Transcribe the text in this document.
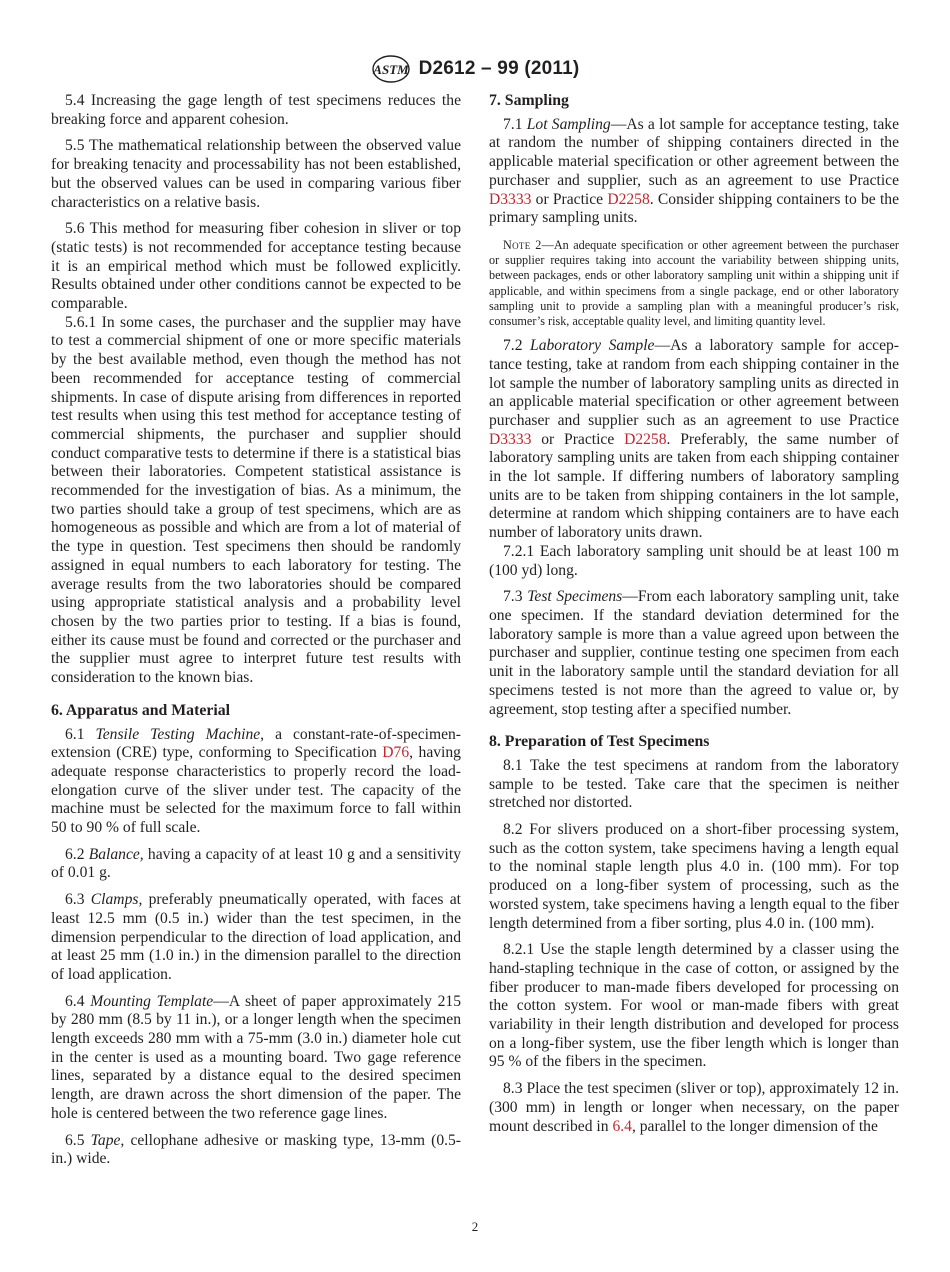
ASTM D2612 – 99 (2011)

5.4 Increasing the gage length of test specimens reduces the breaking force and apparent cohesion.

5.5 The mathematical relationship between the observed value for breaking tenacity and processability has not been established, but the observed values can be used in comparing various fiber characteristics on a relative basis.

5.6 This method for measuring fiber cohesion in sliver or top (static tests) is not recommended for acceptance testing because it is an empirical method which must be followed explicitly. Results obtained under other conditions cannot be expected to be comparable.

5.6.1 In some cases, the purchaser and the supplier may have to test a commercial shipment of one or more specific materials by the best available method, even though the method has not been recommended for acceptance testing of commercial shipments. In case of dispute arising from differences in reported test results when using this test method for acceptance testing of commercial shipments, the purchaser and supplier should conduct comparative tests to determine if there is a statistical bias between their laboratories. Competent statistical assistance is recommended for the investigation of bias. As a minimum, the two parties should take a group of test specimens, which are as homogeneous as possible and which are from a lot of material of the type in question. Test specimens then should be randomly assigned in equal numbers to each laboratory for testing. The average results from the two laboratories should be compared using appropriate statistical analysis and a probability level chosen by the two parties prior to testing. If a bias is found, either its cause must be found and corrected or the purchaser and the supplier must agree to interpret future test results with consideration to the known bias.

6. Apparatus and Material

6.1 Tensile Testing Machine, a constant-rate-of-specimen-extension (CRE) type, conforming to Specification D76, having adequate response characteristics to properly record the load-elongation curve of the sliver under test. The capacity of the machine must be selected for the maximum force to fall within 50 to 90 % of full scale.

6.2 Balance, having a capacity of at least 10 g and a sensitivity of 0.01 g.

6.3 Clamps, preferably pneumatically operated, with faces at least 12.5 mm (0.5 in.) wider than the test specimen, in the dimension perpendicular to the direction of load application, and at least 25 mm (1.0 in.) in the dimension parallel to the direction of load application.

6.4 Mounting Template—A sheet of paper approximately 215 by 280 mm (8.5 by 11 in.), or a longer length when the specimen length exceeds 280 mm with a 75-mm (3.0 in.) diameter hole cut in the center is used as a mounting board. Two gage reference lines, separated by a distance equal to the desired specimen length, are drawn across the short dimension of the paper. The hole is centered between the two reference gage lines.

6.5 Tape, cellophane adhesive or masking type, 13-mm (0.5-in.) wide.

7. Sampling

7.1 Lot Sampling—As a lot sample for acceptance testing, take at random the number of shipping containers directed in the applicable material specification or other agreement between the purchaser and supplier, such as an agreement to use Practice D3333 or Practice D2258. Consider shipping containers to be the primary sampling units.

Note 2—An adequate specification or other agreement between the purchaser or supplier requires taking into account the variability between shipping units, between packages, ends or other laboratory sampling unit within a shipping unit if applicable, and within specimens from a single package, end or other laboratory sampling unit to provide a sampling plan with a meaningful producer’s risk, consumer’s risk, acceptable quality level, and limiting quantity level.

7.2 Laboratory Sample—As a laboratory sample for acceptance testing, take at random from each shipping container in the lot sample the number of laboratory sampling units as directed in an applicable material specification or other agreement between purchaser and supplier such as an agreement to use Practice D3333 or Practice D2258. Preferably, the same number of laboratory sampling units are taken from each shipping container in the lot sample. If differing numbers of laboratory sampling units are to be taken from shipping containers in the lot sample, determine at random which shipping containers are to have each number of laboratory units drawn.

7.2.1 Each laboratory sampling unit should be at least 100 m (100 yd) long.

7.3 Test Specimens—From each laboratory sampling unit, take one specimen. If the standard deviation determined for the laboratory sample is more than a value agreed upon between the purchaser and supplier, continue testing one specimen from each unit in the laboratory sample until the standard deviation for all specimens tested is not more than the agreed to value or, by agreement, stop testing after a specified number.

8. Preparation of Test Specimens

8.1 Take the test specimens at random from the laboratory sample to be tested. Take care that the specimen is neither stretched nor distorted.

8.2 For slivers produced on a short-fiber processing system, such as the cotton system, take specimens having a length equal to the nominal staple length plus 4.0 in. (100 mm). For top produced on a long-fiber system of processing, such as the worsted system, take specimens having a length equal to the fiber length determined from a fiber sorting, plus 4.0 in. (100 mm).

8.2.1 Use the staple length determined by a classer using the hand-stapling technique in the case of cotton, or assigned by the fiber producer to man-made fibers developed for processing on the cotton system. For wool or man-made fibers with great variability in their length distribution and developed for process on a long-fiber system, use the fiber length which is longer than 95 % of the fibers in the specimen.

8.3 Place the test specimen (sliver or top), approximately 12 in. (300 mm) in length or longer when necessary, on the paper mount described in 6.4, parallel to the longer dimension of the

2
